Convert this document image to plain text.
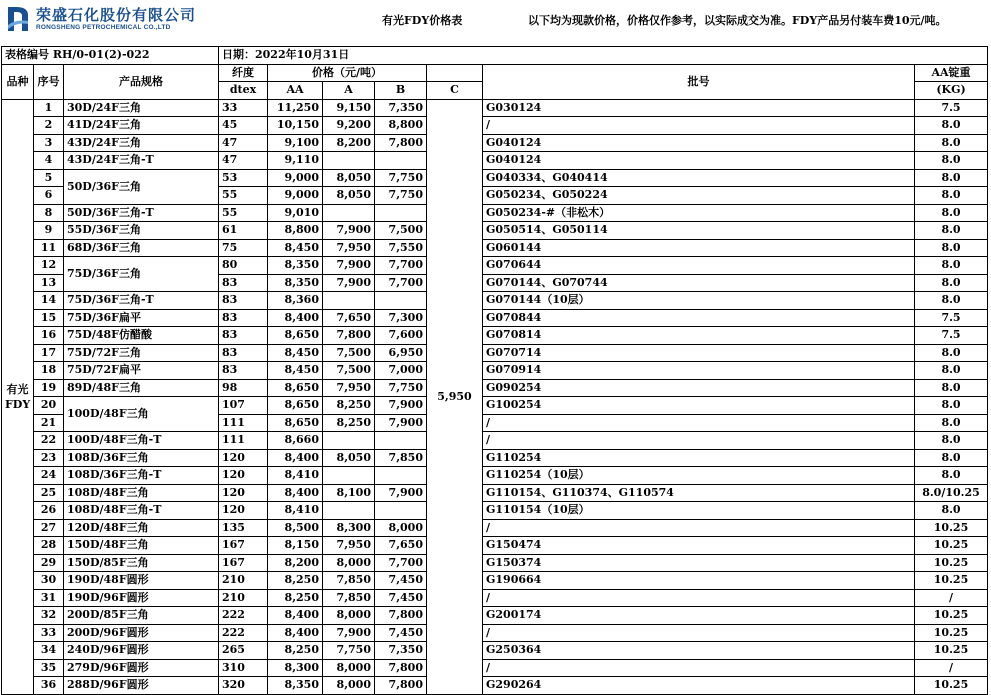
荣盛石化股份有限公司
RONGSHENG PETROCHEMICAL CO.,LTD	有光FDY价格表	以下均为现款价格，价格仅作参考，以实际成交为准。FDY产品另付装车费10元/吨。
表格编号 RH/0-01(2)-022			日期：2022年10月31日						
品种	序号	产品规格	纤度	价格（元/吨）				批号	AA锭重
			dtex	AA	A	B	C		(KG)
有光FDY	1	30D/24F三角	33	11,250	9,150	7,350	5,950	G030124	7.5
	2	41D/24F三角	45	10,150	9,200	8,800		/	8.0
	3	43D/24F三角	47	9,100	8,200	7,800		G040124	8.0
	4	43D/24F三角-T	47	9,110				G040124	8.0
	5	50D/36F三角	53	9,000	8,050	7,750		G040334、G040414	8.0
	6		55	9,000	8,050	7,750		G050234、G050224	8.0
	8	50D/36F三角-T	55	9,010				G050234-#（非松木）	8.0
	9	55D/36F三角	61	8,800	7,900	7,500		G050514、G050114	8.0
	11	68D/36F三角	75	8,450	7,950	7,550		G060144	8.0
	12	75D/36F三角	80	8,350	7,900	7,700		G070644	8.0
	13		83	8,350	7,900	7,700		G070144、G070744	8.0
	14	75D/36F三角-T	83	8,360				G070144（10层）	8.0
	15	75D/36F扁平	83	8,400	7,650	7,300		G070844	7.5
	16	75D/48F仿醋酸	83	8,650	7,800	7,600		G070814	7.5
	17	75D/72F三角	83	8,450	7,500	6,950		G070714	8.0
	18	75D/72F扁平	83	8,450	7,500	7,000		G070914	8.0
	19	89D/48F三角	98	8,650	7,950	7,750		G090254	8.0
	20	100D/48F三角	107	8,650	8,250	7,900		G100254	8.0
	21		111	8,650	8,250	7,900		/	8.0
	22	100D/48F三角-T	111	8,660				/	8.0
	23	108D/36F三角	120	8,400	8,050	7,850		G110254	8.0
	24	108D/36F三角-T	120	8,410				G110254（10层）	8.0
	25	108D/48F三角	120	8,400	8,100	7,900		G110154、G110374、G110574	8.0/10.25
	26	108D/48F三角-T	120	8,410				G110154（10层）	8.0
	27	120D/48F三角	135	8,500	8,300	8,000		/	10.25
	28	150D/48F三角	167	8,150	7,950	7,650		G150474	10.25
	29	150D/85F三角	167	8,200	8,000	7,700		G150374	10.25
	30	190D/48F圆形	210	8,250	7,850	7,450		G190664	10.25
	31	190D/96F圆形	210	8,250	7,850	7,450		/	/
	32	200D/85F三角	222	8,400	8,000	7,800		G200174	10.25
	33	200D/96F圆形	222	8,400	7,900	7,450		/	10.25
	34	240D/96F圆形	265	8,250	7,750	7,350		G250364	10.25
	35	279D/96F圆形	310	8,300	8,000	7,800		/	/
	36	288D/96F圆形	320	8,350	8,000	7,800		G290264	10.25
